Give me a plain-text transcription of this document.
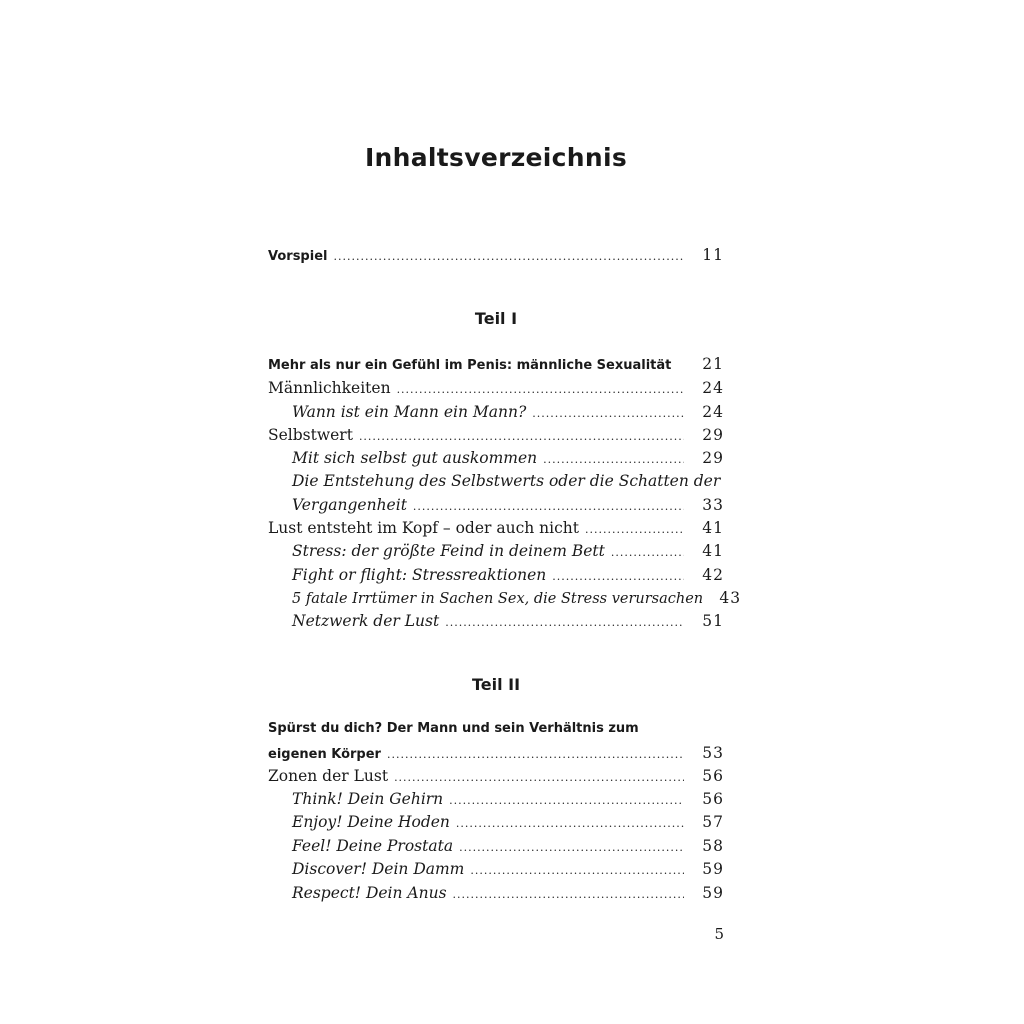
Inhaltsverzeichnis
Vorspiel .....	11
Teil I
Mehr als nur ein Gefühl im Penis: männliche Sexualität	21
Männlichkeiten .....	24
Wann ist ein Mann ein Mann? .....	24
Selbstwert .....	29
Mit sich selbst gut auskommen .....	29
Die Entstehung des Selbstwerts oder die Schatten der
Vergangenheit .....	33
Lust entsteht im Kopf – oder auch nicht .....	41
Stress: der größte Feind in deinem Bett .....	41
Fight or flight: Stressreaktionen .....	42
5 fatale Irrtümer in Sachen Sex, die Stress verursachen	43
Netzwerk der Lust .....	51
Teil II
Spürst du dich? Der Mann und sein Verhältnis zum
eigenen Körper .....	53
Zonen der Lust .....	56
Think! Dein Gehirn .....	56
Enjoy! Deine Hoden .....	57
Feel! Deine Prostata .....	58
Discover! Dein Damm .....	59
Respect! Dein Anus .....	59
5
